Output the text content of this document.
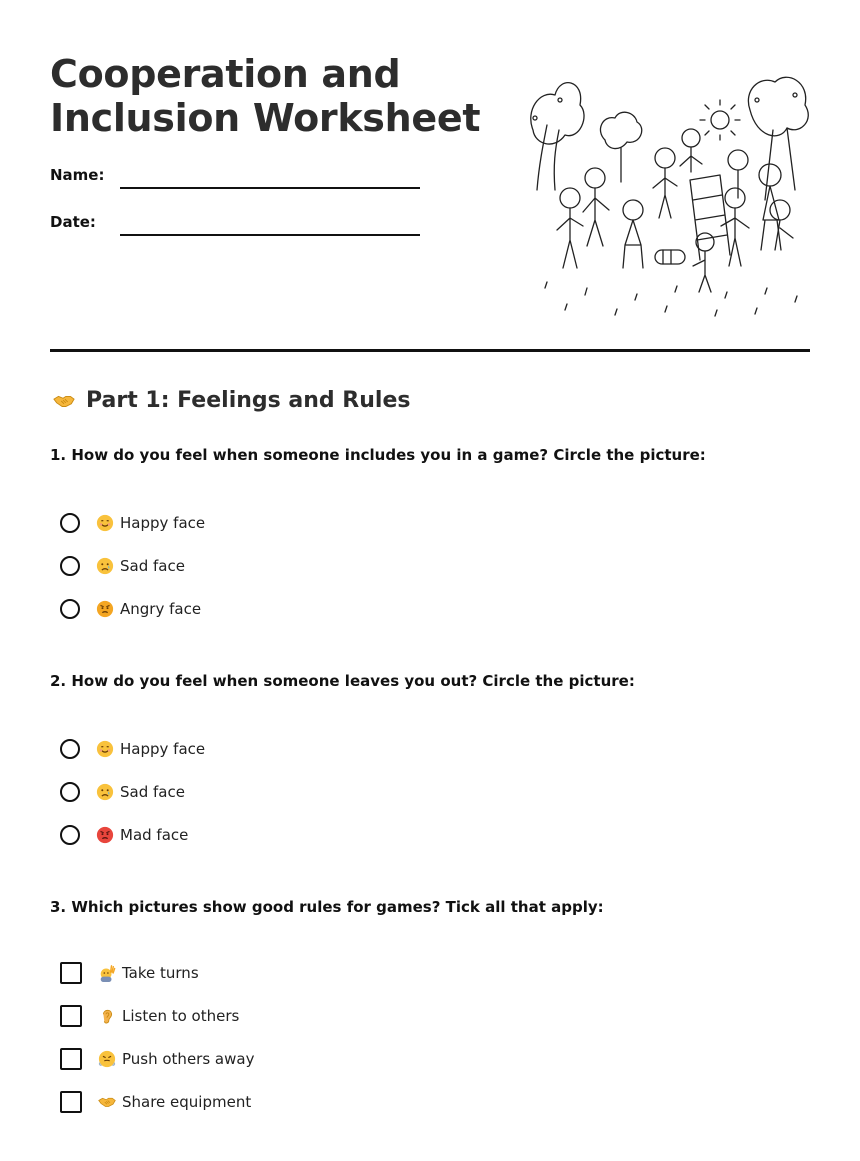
Cooperation and Inclusion Worksheet
Name:
Date:
Part 1: Feelings and Rules

1. How do you feel when someone includes you in a game? Circle the picture:

Happy face
Sad face
Angry face

2. How do you feel when someone leaves you out? Circle the picture:

Happy face
Sad face
Mad face

3. Which pictures show good rules for games? Tick all that apply:

Take turns
Listen to others
Push others away
Share equipment
